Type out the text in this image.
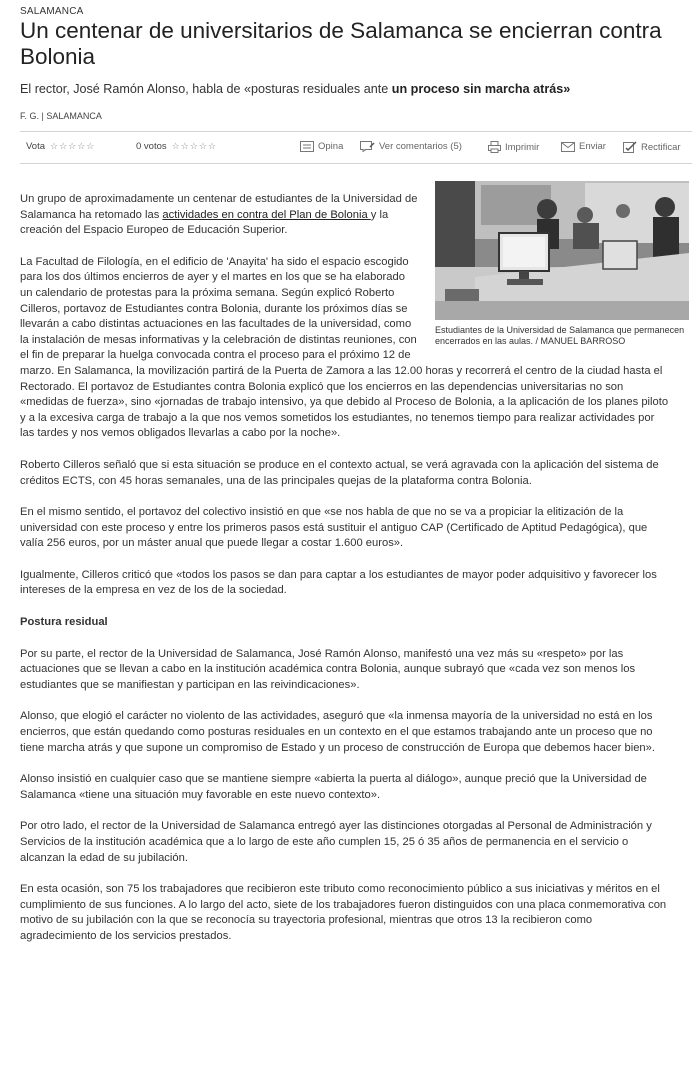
SALAMANCA
Un centenar de universitarios de Salamanca se encierran contra Bolonia
El rector, José Ramón Alonso, habla de «posturas residuales ante un proceso sin marcha atrás»
F. G. | SALAMANCA
Vota ☆☆☆☆☆	0 votos ☆☆☆☆☆	Opina	Ver comentarios (5)	Imprimir	Enviar	Rectificar
Estudiantes de la Universidad de Salamanca que permanecen encerrados en las aulas. / MANUEL BARROSO

Un grupo de aproximadamente un centenar de estudiantes de la Universidad de Salamanca ha retomado las actividades en contra del Plan de Bolonia y la creación del Espacio Europeo de Educación Superior.

La Facultad de Filología, en el edificio de 'Anayita' ha sido el espacio escogido para los dos últimos encierros de ayer y el martes en los que se ha elaborado un calendario de protestas para la próxima semana. Según explicó Roberto Cilleros, portavoz de Estudiantes contra Bolonia, durante los próximos días se llevarán a cabo distintas actuaciones en las facultades de la universidad, como la instalación de mesas informativas y la celebración de distintas reuniones, con el fin de preparar la huelga convocada contra el proceso para el próximo 12 de marzo. En Salamanca, la movilización partirá de la Puerta de Zamora a las 12.00 horas y recorrerá el centro de la ciudad hasta el Rectorado. El portavoz de Estudiantes contra Bolonia explicó que los encierros en las dependencias universitarias no son «medidas de fuerza», sino «jornadas de trabajo intensivo, ya que debido al Proceso de Bolonia, a la aplicación de los planes piloto y a la excesiva carga de trabajo a la que nos vemos sometidos los estudiantes, no tenemos tiempo para realizar actividades por las tardes y nos vemos obligados llevarlas a cabo por la noche».

Roberto Cilleros señaló que si esta situación se produce en el contexto actual, se verá agravada con la aplicación del sistema de créditos ECTS, con 45 horas semanales, una de las principales quejas de la plataforma contra Bolonia.

En el mismo sentido, el portavoz del colectivo insistió en que «se nos habla de que no se va a propiciar la elitización de la universidad con este proceso y entre los primeros pasos está sustituir el antiguo CAP (Certificado de Aptitud Pedagógica), que valía 256 euros, por un máster anual que puede llegar a costar 1.600 euros».

Igualmente, Cilleros criticó que «todos los pasos se dan para captar a los estudiantes de mayor poder adquisitivo y favorecer los intereses de la empresa en vez de los de la sociedad.

Postura residual

Por su parte, el rector de la Universidad de Salamanca, José Ramón Alonso, manifestó una vez más su «respeto» por las actuaciones que se llevan a cabo en la institución académica contra Bolonia, aunque subrayó que «cada vez son menos los estudiantes que se manifiestan y participan en las reivindicaciones».

Alonso, que elogió el carácter no violento de las actividades, aseguró que «la inmensa mayoría de la universidad no está en los encierros, que están quedando como posturas residuales en un contexto en el que estamos trabajando ante un proceso que no tiene marcha atrás y que supone un compromiso de Estado y un proceso de construcción de Europa que debemos hacer bien».

Alonso insistió en cualquier caso que se mantiene siempre «abierta la puerta al diálogo», aunque preció que la Universidad de Salamanca «tiene una situación muy favorable en este nuevo contexto».

Por otro lado, el rector de la Universidad de Salamanca entregó ayer las distinciones otorgadas al Personal de Administración y Servicios de la institución académica que a lo largo de este año cumplen 15, 25 ó 35 años de permanencia en el servicio o alcanzan la edad de su jubilación.

En esta ocasión, son 75 los trabajadores que recibieron este tributo como reconocimiento público a sus iniciativas y méritos en el cumplimiento de sus funciones. A lo largo del acto, siete de los trabajadores fueron distinguidos con una placa conmemorativa con motivo de su jubilación con la que se reconocía su trayectoria profesional, mientras que otros 13 la recibieron como agradecimiento de los servicios prestados.
